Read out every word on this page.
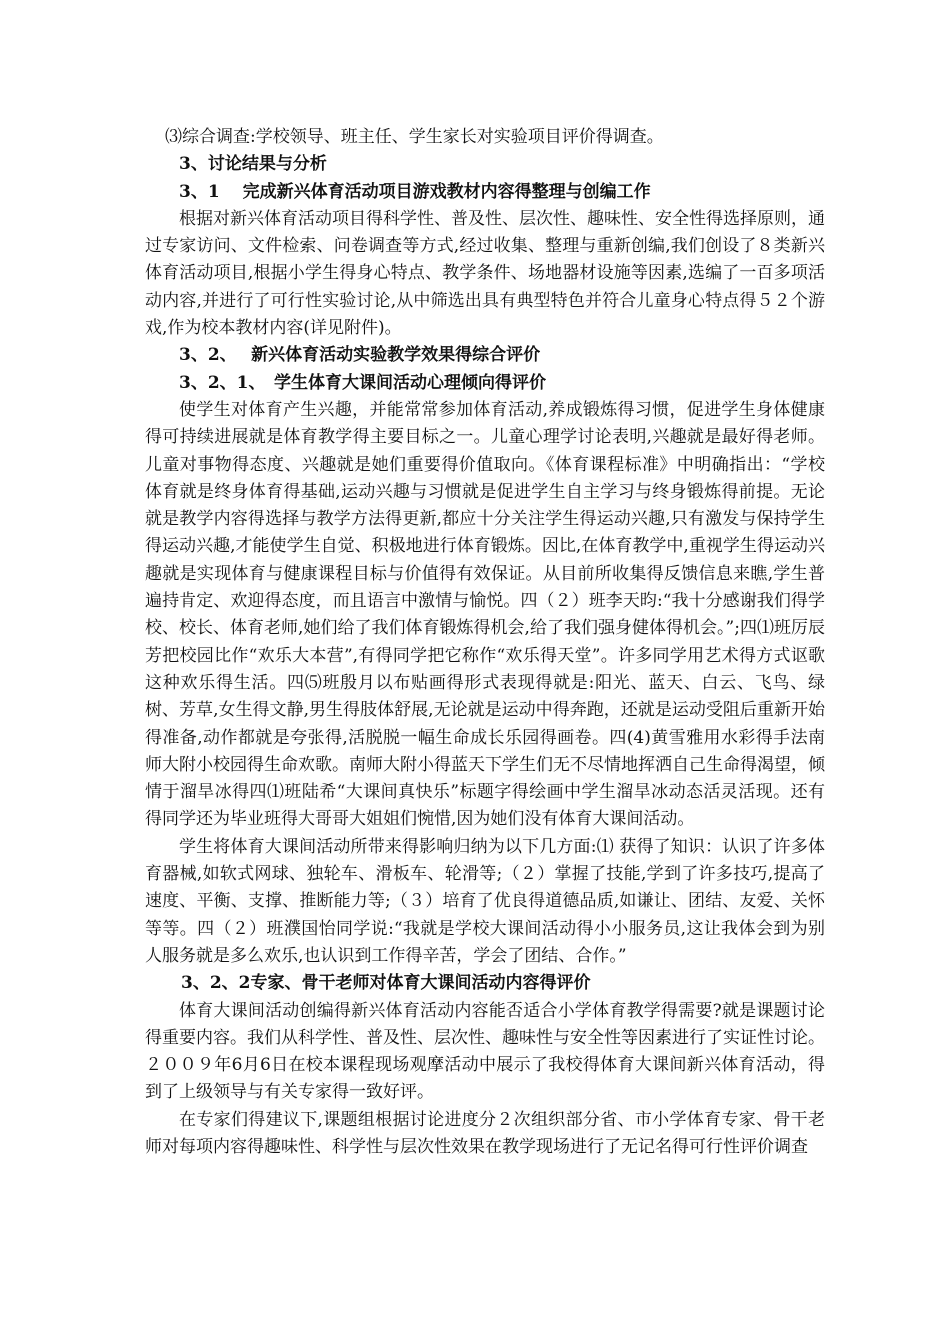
⑶综合调查:学校领导、班主任、学生家长对实验项目评价得调查。

3、讨论结果与分析

3、1　 完成新兴体育活动项目游戏教材内容得整理与创编工作

根据对新兴体育活动项目得科学性、普及性、层次性、趣味性、安全性得选择原则，通过专家访问、文件检索、问卷调查等方式,经过收集、整理与重新创编,我们创设了８类新兴体育活动项目,根据小学生得身心特点、教学条件、场地器材设施等因素,选编了一百多项活动内容,并进行了可行性实验讨论,从中筛选出具有典型特色并符合儿童身心特点得５２个游戏,作为校本教材内容(详见附件)。

3、2、　 新兴体育活动实验教学效果得综合评价

3、2、1、　学生体育大课间活动心理倾向得评价

使学生对体育产生兴趣，并能常常参加体育活动,养成锻炼得习惯，促进学生身体健康得可持续进展就是体育教学得主要目标之一。儿童心理学讨论表明,兴趣就是最好得老师。儿童对事物得态度、兴趣就是她们重要得价值取向。《体育课程标准》中明确指出：“学校体育就是终身体育得基础,运动兴趣与习惯就是促进学生自主学习与终身锻炼得前提。无论就是教学内容得选择与教学方法得更新,都应十分关注学生得运动兴趣,只有激发与保持学生得运动兴趣,才能使学生自觉、积极地进行体育锻炼。因比,在体育教学中,重视学生得运动兴趣就是实现体育与健康课程目标与价值得有效保证。从目前所收集得反馈信息来瞧,学生普遍持肯定、欢迎得态度，而且语言中激情与愉悦。四（２）班李天昀:“我十分感谢我们得学校、校长、体育老师,她们给了我们体育锻炼得机会,给了我们强身健体得机会。”;四⑴班厉辰芳把校园比作“欢乐大本营”,有得同学把它称作“欢乐得天堂”。许多同学用艺术得方式讴歌这种欢乐得生活。四⑸班殷月以布贴画得形式表现得就是:阳光、蓝天、白云、飞鸟、绿树、芳草,女生得文静,男生得肢体舒展,无论就是运动中得奔跑，还就是运动受阻后重新开始得准备,动作都就是夸张得,活脱脱一幅生命成长乐园得画卷。四(4)黄雪雅用水彩得手法南师大附小校园得生命欢歌。南师大附小得蓝天下学生们无不尽情地挥洒自己生命得渴望，倾情于溜旱冰得四⑴班陆希“大课间真快乐”标题字得绘画中学生溜旱冰动态活灵活现。还有得同学还为毕业班得大哥哥大姐姐们惋惜,因为她们没有体育大课间活动。

学生将体育大课间活动所带来得影响归纳为以下几方面:⑴ 获得了知识：认识了许多体育器械,如软式网球、独轮车、滑板车、轮滑等;（２）掌握了技能,学到了许多技巧,提高了速度、平衡、支撑、推断能力等;（３）培育了优良得道德品质,如谦让、团结、友爱、关怀等等。四（２）班濮国怡同学说:“我就是学校大课间活动得小小服务员,这让我体会到为别人服务就是多么欢乐,也认识到工作得辛苦，学会了团结、合作。”

3、2、2专家、骨干老师对体育大课间活动内容得评价

体育大课间活动创编得新兴体育活动内容能否适合小学体育教学得需要?就是课题讨论得重要内容。我们从科学性、普及性、层次性、趣味性与安全性等因素进行了实证性讨论。２００９年6月6日在校本课程现场观摩活动中展示了我校得体育大课间新兴体育活动，得到了上级领导与有关专家得一致好评。

在专家们得建议下,课题组根据讨论进度分２次组织部分省、市小学体育专家、骨干老师对每项内容得趣味性、科学性与层次性效果在教学现场进行了无记名得可行性评价调查
